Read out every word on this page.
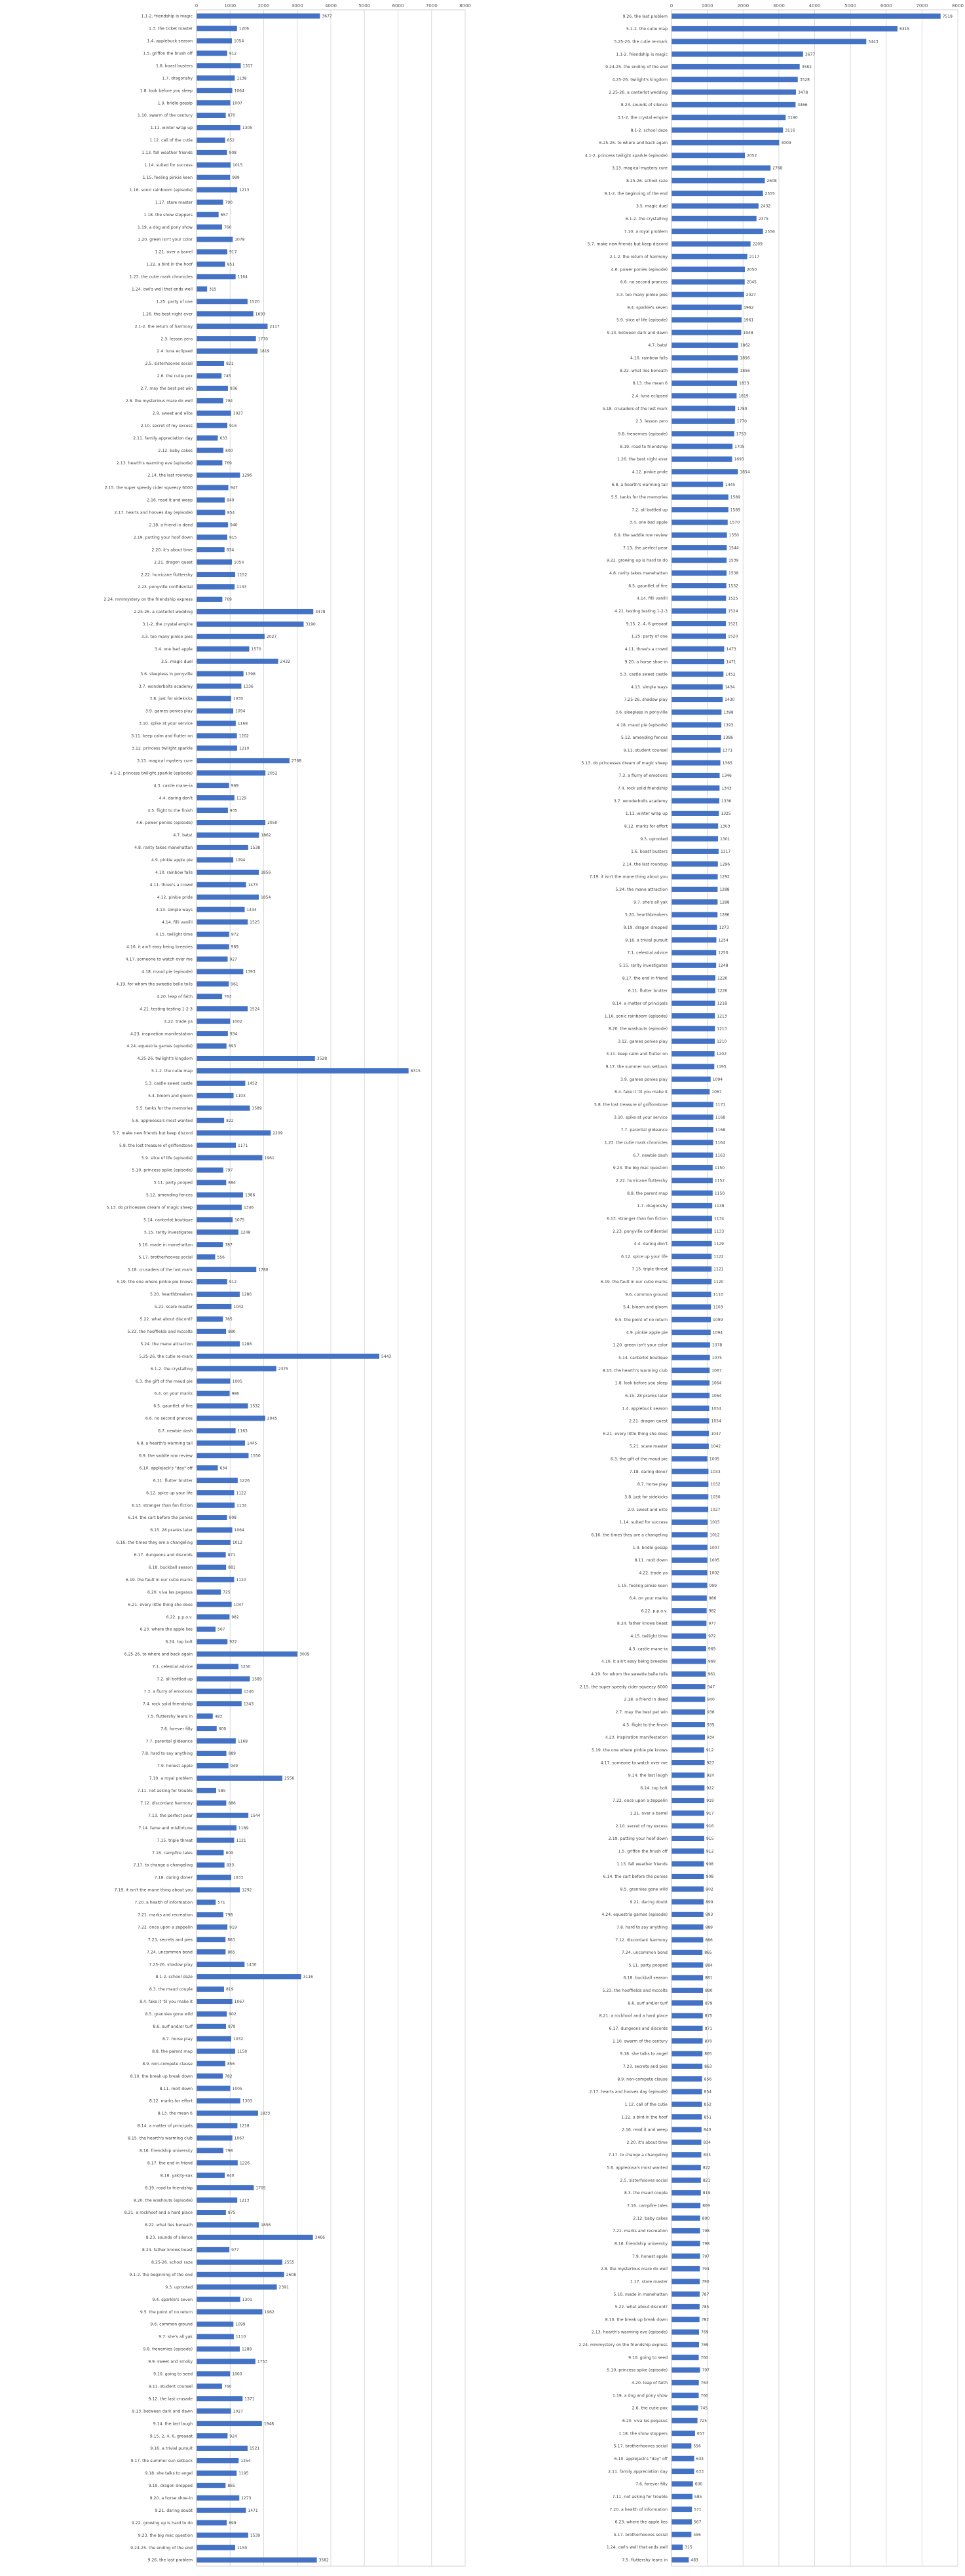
0	1000	2000	3000	4000	5000	6000	7000	8000
1.1-2. friendship is magic	3677
1.3. the ticket master	1206
1.4. applebuck season	1054
1.5. griffon the brush off	912
1.6. boast busters	1317
1.7. dragonshy	1138
1.8. look before you sleep	1064
1.9. bridle gossip	1007
1.10. swarm of the century	870
1.11. winter wrap up	1305
1.12. call of the cutie	852
1.13. fall weather friends	908
1.14. suited for success	1015
1.15. feeling pinkie keen	999
1.16. sonic rainboom (episode)	1213
1.17. stare master	790
1.18. the show stoppers	657
1.19. a dog and pony show	760
1.20. green isn't your color	1078
1.21. over a barrel	917
1.22. a bird in the hoof	851
1.23. the cutie mark chronicles	1164
1.24. owl's well that ends well	315
1.25. party of one	1520
1.26. the best night ever	1693
2.1-2. the return of harmony	2117
2.3. lesson zero	1770
2.4. luna eclipsed	1819
2.5. sisterhooves social	821
2.6. the cutie pox	745
2.7. may the best pet win	936
2.8. the mysterious mare do well	794
2.9. sweet and elite	1027
2.10. secret of my excess	916
2.11. family appreciation day	633
2.12. baby cakes	800
2.13. hearth's warming eve (episode)	769
2.14. the last roundup	1296
2.15. the super speedy cider squeezy 6000	947
2.16. read it and weep	840
2.17. hearts and hooves day (episode)	854
2.18. a friend in deed	940
2.19. putting your hoof down	915
2.20. it's about time	834
2.21. dragon quest	1054
2.22. hurricane fluttershy	1152
2.23. ponyville confidential	1133
2.24. mmmystery on the friendship express	769
2.25-26. a canterlot wedding	3478
3.1-2. the crystal empire	3190
3.3. too many pinkie pies	2027
3.4. one bad apple	1570
3.5. magic duel	2432
3.6. sleepless in ponyville	1398
3.7. wonderbolts academy	1336
3.8. just for sidekicks	1030
3.9. games ponies play	1094
3.10. spike at your service	1168
3.11. keep calm and flutter on	1202
3.12. princess twilight sparkle	1210
3.13. magical mystery cure	2768
4.1-2. princess twilight sparkle (episode)	2052
4.3. castle mane-ia	969
4.4. daring don't	1129
4.5. flight to the finish	935
4.6. power ponies (episode)	2050
4.7. bats!	1862
4.8. rarity takes manehattan	1538
4.9. pinkie apple pie	1094
4.10. rainbow falls	1856
4.11. three's a crowd	1473
4.12. pinkie pride	1854
4.13. simple ways	1434
4.14. filli vanilli	1525
4.15. twilight time	972
4.16. it ain't easy being breezies	969
4.17. someone to watch over me	927
4.18. maud pie (episode)	1393
4.19. for whom the sweetie belle toils	961
4.20. leap of faith	763
4.21. testing testing 1-2-3	1524
4.22. trade ya	1002
4.23. inspiration manifestation	934
4.24. equestria games (episode)	893
4.25-26. twilight's kingdom	3528
5.1-2. the cutie map	6315
5.3. castle sweet castle	1452
5.4. bloom and gloom	1103
5.5. tanks for the memories	1589
5.6. appleoosa's most wanted	822
5.7. make new friends but keep discord	2209
5.8. the lost treasure of griffonstone	1171
5.9. slice of life (episode)	1961
5.10. princess spike (episode)	797
5.11. party pooped	884
5.12. amending fences	1386
5.13. do princesses dream of magic sheep	1346
5.14. canterlot boutique	1075
5.15. rarity investigates	1248
5.16. made in manehattan	787
5.17. brotherhooves social	556
5.18. crusaders of the lost mark	1780
5.19. the one where pinkie pie knows	912
5.20. hearthbreakers	1286
5.21. scare master	1042
5.22. what about discord?	785
5.23. the hooffields and mccolts	880
5.24. the mane attraction	1288
5.25-26. the cutie re-mark	5443
6.1-2. the crystalling	2375
6.3. the gift of the maud pie	1005
6.4. on your marks	986
6.5. gauntlet of fire	1532
6.6. no second prances	2045
6.7. newbie dash	1163
6.8. a hearth's warming tail	1445
6.9. the saddle row review	1550
6.10. applejack's "day" off	634
6.11. flutter brutter	1226
6.12. spice up your life	1122
6.13. stranger than fan fiction	1134
6.14. the cart before the ponies	908
6.15. 28 pranks later	1064
6.16. the times they are a changeling	1012
6.17. dungeons and discords	871
6.18. buckball season	881
6.19. the fault in our cutie marks	1120
6.20. viva las pegasus	725
6.21. every little thing she does	1047
6.22. p.p.o.v.	982
6.23. where the apple lies	567
6.24. top bolt	922
6.25-26. to where and back again	3009
7.1. celestial advice	1250
7.2. all bottled up	1589
7.3. a flurry of emotions	1346
7.4. rock solid friendship	1343
7.5. fluttershy leans in	483
7.6. forever filly	600
7.7. parental glideance	1168
7.8. hard to say anything	889
7.9. honest apple	949
7.10. a royal problem	2556
7.11. not asking for trouble	585
7.12. discordant harmony	886
7.13. the perfect pear	1544
7.14. fame and misfortune	1189
7.15. triple threat	1121
7.16. campfire tales	809
7.17. to change a changeling	833
7.18. daring done?	1033
7.19. it isn't the mane thing about you	1292
7.20. a health of information	571
7.21. marks and recreation	798
7.22. once upon a zeppelin	919
7.23. secrets and pies	863
7.24. uncommon bond	865
7.25-26. shadow play	1430
8.1-2. school daze	3116
8.3. the maud couple	819
8.4. fake it 'til you make it	1067
8.5. grannies gone wild	902
8.6. surf and/or turf	879
8.7. horse play	1032
8.8. the parent map	1150
8.9. non-compete clause	856
8.10. the break up break down	782
8.11. molt down	1005
8.12. marks for effort	1303
8.13. the mean 6	1833
8.14. a matter of principals	1218
8.15. the hearth's warming club	1067
8.16. friendship university	798
8.17. the end in friend	1226
8.18. yakity-sax	840
8.19. road to friendship	1705
8.20. the washouts (episode)	1213
8.21. a rockhoof and a hard place	875
8.22. what lies beneath	1856
8.23. sounds of silence	3466
8.24. father knows beast	977
8.25-26. school raze	2555
9.1-2. the beginning of the end	2608
9.3. uprooted	2391
9.4. sparkle's seven	1301
9.5. the point of no return	1962
9.6. common ground	1099
9.7. she's all yak	1110
9.8. frenemies (episode)	1288
9.9. sweet and smoky	1753
9.10. going to seed	1000
9.11. student counsel	760
9.12. the last crusade	1371
9.13. between dark and dawn	1027
9.14. the last laugh	1948
9.15. 2, 4, 6, greaaat	924
9.16. a trivial pursuit	1521
9.17. the summer sun setback	1254
9.18. she talks to angel	1195
9.19. dragon dropped	865
9.20. a horse shoe-in	1273
9.21. daring doubt	1471
9.22. growing up is hard to do	899
9.23. the big mac question	1539
9.24-25. the ending of the end	1150
9.26. the last problem	3582
0	1000	2000	3000	4000	5000	6000	7000	8000
9.26. the last problem	7519
5.1-2. the cutie map	6315
5.25-26. the cutie re-mark	5443
1.1-2. friendship is magic	3677
9.24-25. the ending of the end	3582
4.25-26. twilight's kingdom	3528
2.25-26. a canterlot wedding	3478
8.23. sounds of silence	3466
3.1-2. the crystal empire	3190
8.1-2. school daze	3116
6.25-26. to where and back again	3009
4.1-2. princess twilight sparkle (episode)	2052
3.13. magical mystery cure	2768
8.25-26. school raze	2608
9.1-2. the beginning of the end	2555
3.5. magic duel	2432
6.1-2. the crystalling	2375
7.10. a royal problem	2556
5.7. make new friends but keep discord	2209
2.1-2. the return of harmony	2117
4.6. power ponies (episode)	2050
6.6. no second prances	2045
3.3. too many pinkie pies	2027
9.4. sparkle's seven	1962
5.9. slice of life (episode)	1961
9.13. between dark and dawn	1948
4.7. bats!	1862
4.10. rainbow falls	1856
8.22. what lies beneath	1856
8.13. the mean 6	1833
2.4. luna eclipsed	1819
5.18. crusaders of the lost mark	1780
2.3. lesson zero	1770
9.8. frenemies (episode)	1753
8.19. road to friendship	1705
1.26. the best night ever	1693
4.12. pinkie pride	1854
6.8. a hearth's warming tail	1445
5.5. tanks for the memories	1589
7.2. all bottled up	1589
3.4. one bad apple	1570
6.9. the saddle row review	1550
7.13. the perfect pear	1544
9.22. growing up is hard to do	1539
4.8. rarity takes manehattan	1538
6.5. gauntlet of fire	1532
4.14. filli vanilli	1525
4.21. testing testing 1-2-3	1524
9.15. 2, 4, 6 greaaat	1521
1.25. party of one	1520
4.11. three's a crowd	1473
9.20. a horse shoe-in	1471
5.3. castle sweet castle	1452
4.13. simple ways	1434
7.25-26. shadow play	1430
3.6. sleepless in ponyville	1398
4.18. maud pie (episode)	1393
5.12. amending fences	1386
9.11. student counsel	1371
5.13. do princesses dream of magic sheep	1365
7.3. a flurry of emotions	1346
7.4. rock solid friendship	1343
3.7. wonderbolts academy	1336
1.11. winter wrap up	1325
8.12. marks for effort	1303
9.3. uprooted	1301
1.6. boast busters	1317
2.14. the last roundup	1296
7.19. it isn't the mane thing about you	1292
5.24. the mane attraction	1288
9.7. she's all yak	1288
5.20. hearthbreakers	1286
9.19. dragon dropped	1273
9.16. a trivial pursuit	1254
7.1. celestial advice	1250
5.15. rarity investigates	1248
8.17. the end in friend	1226
6.11. flutter brutter	1226
8.14. a matter of principals	1218
1.16. sonic rainboom (episode)	1213
8.20. the washouts (episode)	1213
3.12. games ponies play	1210
3.11. keep calm and flutter on	1202
9.17. the summer sun setback	1195
3.9. games ponies play	1094
8.4. fake it 'til you make it	1067
5.8. the lost treasure of griffonstone	1171
3.10. spike at your service	1168
7.7. parental glideance	1168
1.23. the cutie mark chronicles	1164
6.7. newbie dash	1163
9.23. the big mac question	1150
2.22. hurricane fluttershy	1152
8.8. the parent map	1150
1.7. dragonshy	1138
6.13. stranger than fan fiction	1134
2.23. ponyville confidential	1133
4.4. daring don't	1129
6.12. spice up your life	1122
7.15. triple threat	1121
6.19. the fault in our cutie marks	1120
9.6. common ground	1110
5.4. bloom and gloom	1103
9.5. the point of no return	1099
4.9. pinkie apple pie	1094
1.20. green isn't your color	1078
5.14. canterlot boutique	1075
8.15. the hearth's warming club	1067
1.8. look before you sleep	1064
6.15. 28 pranks later	1064
1.4. applebuck season	1054
2.21. dragon quest	1054
6.21. every little thing she does	1047
5.21. scare master	1042
6.3. the gift of the maud pie	1005
7.18. daring done?	1033
8.7. horse play	1032
3.8. just for sidekicks	1030
2.9. sweet and elite	1027
1.14. suited for success	1015
6.16. the times they are a changeling	1012
1.9. bridle gossip	1007
8.11. molt down	1005
4.22. trade ya	1002
1.15. feeling pinkie keen	999
6.4. on your marks	986
6.22. p.p.o.v.	982
8.24. father knows beast	977
4.15. twilight time	972
4.3. castle mane-ia	969
4.16. it ain't easy being breezies	969
4.19. for whom the sweetie belle toils	961
2.15. the super speedy cider squeezy 6000	947
2.18. a friend in deed	940
2.7. may the best pet win	936
4.5. flight to the finish	935
4.23. inspiration manifestation	934
5.19. the one where pinkie pie knows	912
4.17. someone to watch over me	927
9.14. the last laugh	924
6.24. top bolt	922
7.22. once upon a zeppelin	919
1.21. over a barrel	917
2.10. secret of my excess	916
2.19. putting your hoof down	915
1.5. griffon the brush off	912
1.13. fall weather friends	908
6.14. the cart before the ponies	908
8.5. grannies gone wild	902
9.21. daring doubt	899
4.24. equestria games (episode)	893
7.8. hard to say anything	889
7.12. discordant harmony	886
7.24. uncommon bond	865
5.11. party pooped	884
6.18. buckball season	881
5.23. the hooffields and mccolts	880
8.6. surf and/or turf	879
8.21. a rockhoof and a hard place	875
6.17. dungeons and discords	871
1.10. swarm of the century	870
9.18. she talks to angel	865
7.23. secrets and pies	863
8.9. non-compete clause	856
2.17. hearts and hooves day (episode)	854
1.12. call of the cutie	852
1.22. a bird in the hoof	851
2.16. read it and weep	840
2.20. it's about time	834
7.17. to change a changeling	833
5.6. appleoosa's most wanted	822
2.5. sisterhooves social	821
8.3. the maud couple	819
7.16. campfire tales	809
2.12. baby cakes	800
7.21. marks and recreation	798
8.16. friendship university	798
7.9. honest apple	797
2.8. the mysterious mare do well	794
1.17. stare master	790
5.16. made in manehattan	787
5.22. what about discord?	785
8.10. the break up break down	782
2.13. hearth's warming eve (episode)	769
2.24. mmmystery on the friendship express	769
9.10. going to seed	760
5.10. princess spike (episode)	797
4.20. leap of faith	763
1.19. a dog and pony show	760
2.6. the cutie pox	745
6.20. viva las pegasus	725
1.18. the show stoppers	657
5.17. brotherhooves social	556
6.10. applejack's "day" off	634
2.11. family appreciation day	633
7.6. forever filly	600
7.11. not asking for trouble	585
7.20. a health of information	571
6.23. where the apple lies	567
5.17. brotherhooves social	556
1.24. owl's well that ends well	315
7.5. fluttershy leans in	483
